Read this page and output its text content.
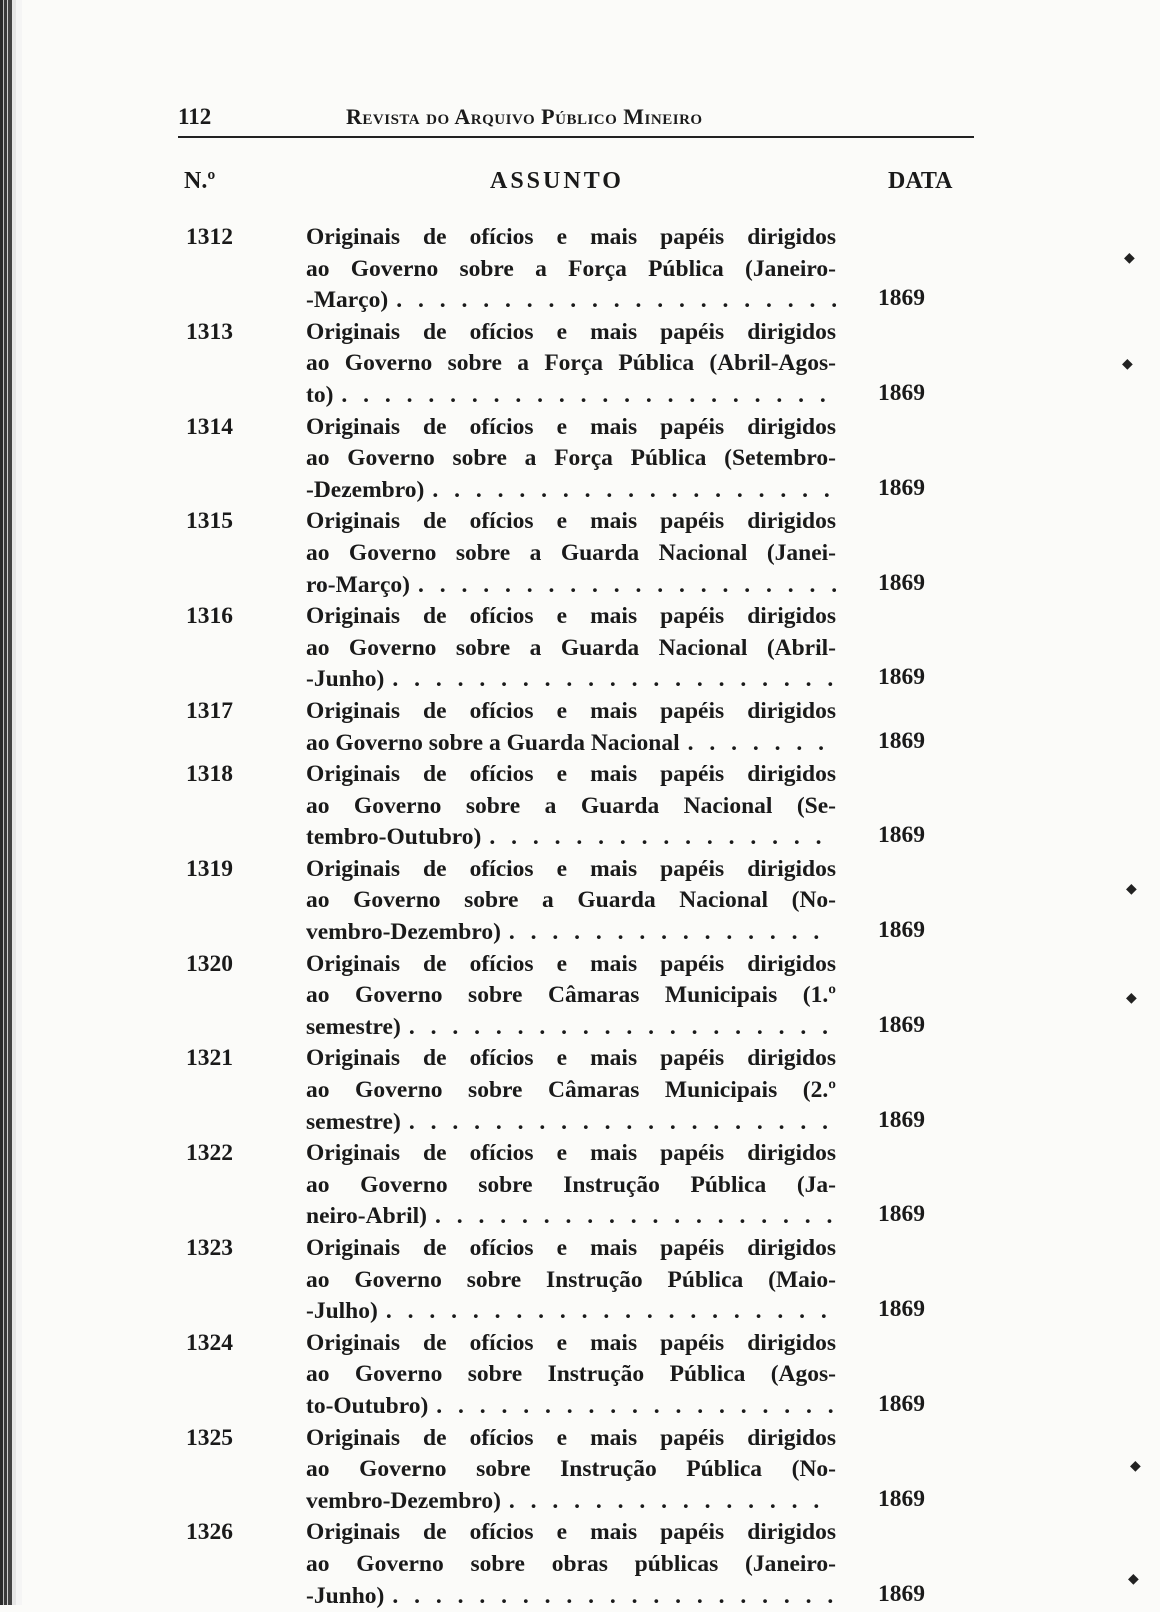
112	Revista do Arquivo Público Mineiro
N.º	ASSUNTO	DATA
1312	Originais de ofícios e mais papéis dirigidos
ao Governo sobre a Força Pública (Janeiro-
-Março) . . .	1869
1313	Originais de ofícios e mais papéis dirigidos
ao Governo sobre a Força Pública (Abril-Agos-
to) . . .	1869
1314	Originais de ofícios e mais papéis dirigidos
ao Governo sobre a Força Pública (Setembro-
-Dezembro) . . .	1869
1315	Originais de ofícios e mais papéis dirigidos
ao Governo sobre a Guarda Nacional (Janei-
ro-Março) . . .	1869
1316	Originais de ofícios e mais papéis dirigidos
ao Governo sobre a Guarda Nacional (Abril-
-Junho) . . .	1869
1317	Originais de ofícios e mais papéis dirigidos
ao Governo sobre a Guarda Nacional . . .	1869
1318	Originais de ofícios e mais papéis dirigidos
ao Governo sobre a Guarda Nacional (Se-
tembro-Outubro) . . .	1869
1319	Originais de ofícios e mais papéis dirigidos
ao Governo sobre a Guarda Nacional (No-
vembro-Dezembro) . . .	1869
1320	Originais de ofícios e mais papéis dirigidos
ao Governo sobre Câmaras Municipais (1.º
semestre) . . .	1869
1321	Originais de ofícios e mais papéis dirigidos
ao Governo sobre Câmaras Municipais (2.º
semestre) . . .	1869
1322	Originais de ofícios e mais papéis dirigidos
ao Governo sobre Instrução Pública (Ja-
neiro-Abril) . . .	1869
1323	Originais de ofícios e mais papéis dirigidos
ao Governo sobre Instrução Pública (Maio-
-Julho) . . .	1869
1324	Originais de ofícios e mais papéis dirigidos
ao Governo sobre Instrução Pública (Agos-
to-Outubro) . . .	1869
1325	Originais de ofícios e mais papéis dirigidos
ao Governo sobre Instrução Pública (No-
vembro-Dezembro) . . .	1869
1326	Originais de ofícios e mais papéis dirigidos
ao Governo sobre obras públicas (Janeiro-
-Junho) . . .	1869
◆
◆
◆
◆
◆
◆
